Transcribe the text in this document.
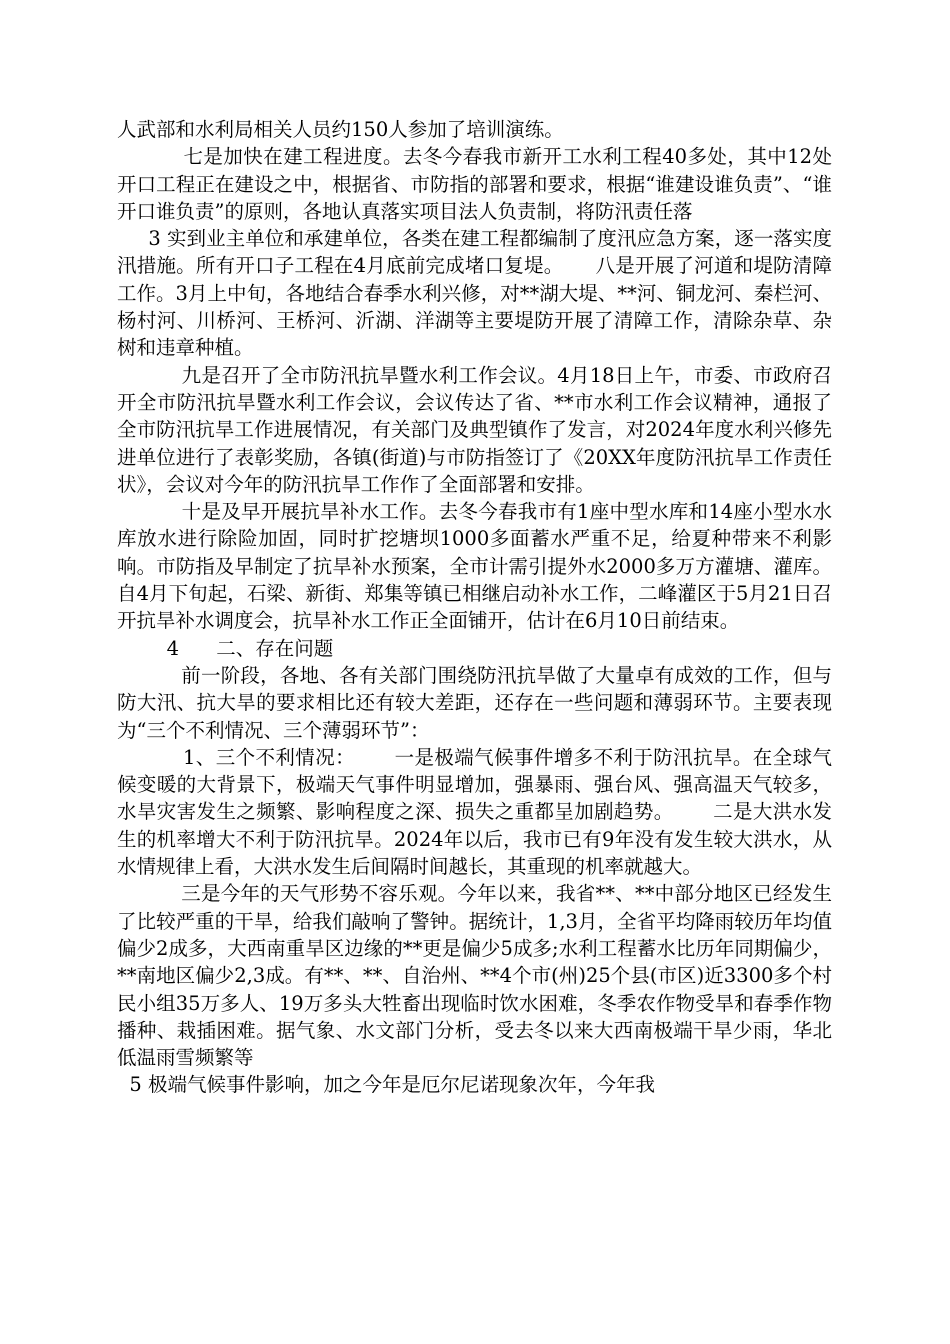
人武部和水利局相关人员约150人参加了培训演练。

七是加快在建工程进度。去冬今春我市新开工水利工程40多处，其中12处开口工程正在建设之中，根据省、市防指的部署和要求，根据“谁建设谁负责”、“谁开口谁负责”的原则，各地认真落实项目法人负责制，将防汛责任落

3 实到业主单位和承建单位，各类在建工程都编制了度汛应急方案，逐一落实度汛措施。所有开口子工程在4月底前完成堵口复堤。     八是开展了河道和堤防清障工作。3月上中旬，各地结合春季水利兴修，对**湖大堤、**河、铜龙河、秦栏河、杨村河、川桥河、王桥河、沂湖、洋湖等主要堤防开展了清障工作，清除杂草、杂树和违章种植。

九是召开了全市防汛抗旱暨水利工作会议。4月18日上午，市委、市政府召开全市防汛抗旱暨水利工作会议，会议传达了省、**市水利工作会议精神，通报了全市防汛抗旱工作进展情况，有关部门及典型镇作了发言，对2024年度水利兴修先进单位进行了表彰奖励，各镇(街道)与市防指签订了《20XX年度防汛抗旱工作责任状》，会议对今年的防汛抗旱工作作了全面部署和安排。

十是及早开展抗旱补水工作。去冬今春我市有1座中型水库和14座小型水水库放水进行除险加固，同时扩挖塘坝1000多面蓄水严重不足，给夏种带来不利影响。市防指及早制定了抗旱补水预案，全市计需引提外水2000多万方灌塘、灌库。自4月下旬起，石梁、新街、郑集等镇已相继启动补水工作，二峰灌区于5月21日召开抗旱补水调度会，抗旱补水工作正全面铺开，估计在6月10日前结束。

4      二、存在问题

前一阶段，各地、各有关部门围绕防汛抗旱做了大量卓有成效的工作，但与防大汛、抗大旱的要求相比还有较大差距，还存在一些问题和薄弱环节。主要表现为“三个不利情况、三个薄弱环节”：

1、三个不利情况：      一是极端气候事件增多不利于防汛抗旱。在全球气候变暖的大背景下，极端天气事件明显增加，强暴雨、强台风、强高温天气较多，水旱灾害发生之频繁、影响程度之深、损失之重都呈加剧趋势。      二是大洪水发生的机率增大不利于防汛抗旱。2024年以后，我市已有9年没有发生较大洪水，从水情规律上看，大洪水发生后间隔时间越长，其重现的机率就越大。

三是今年的天气形势不容乐观。今年以来，我省**、**中部分地区已经发生了比较严重的干旱，给我们敲响了警钟。据统计，1,3月，全省平均降雨较历年均值偏少2成多，大西南重旱区边缘的**更是偏少5成多;水利工程蓄水比历年同期偏少，**南地区偏少2,3成。有**、**、自治州、**4个市(州)25个县(市区)近3300多个村民小组35万多人、19万多头大牲畜出现临时饮水困难，冬季农作物受旱和春季作物播种、栽插困难。据气象、水文部门分析，受去冬以来大西南极端干旱少雨，华北低温雨雪频繁等

5 极端气候事件影响，加之今年是厄尔尼诺现象次年，今年我
